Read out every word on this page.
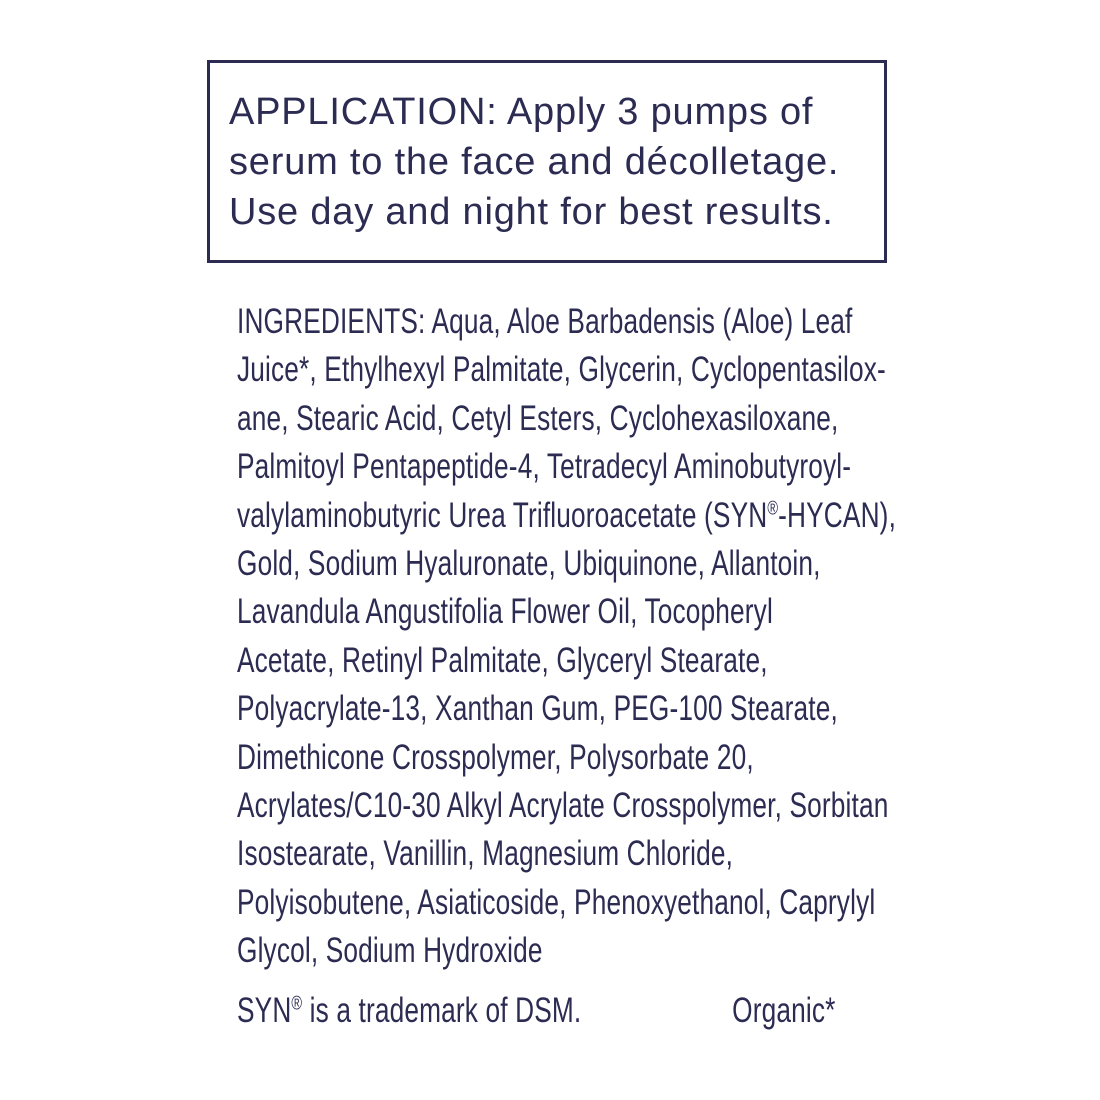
APPLICATION: Apply 3 pumps of
serum to the face and décolletage.
Use day and night for best results.
INGREDIENTS: Aqua, Aloe Barbadensis (Aloe) Leaf
Juice*, Ethylhexyl Palmitate, Glycerin, Cyclopentasilox-
ane, Stearic Acid, Cetyl Esters, Cyclohexasiloxane,
Palmitoyl Pentapeptide-4, Tetradecyl Aminobutyroyl-
valylaminobutyric Urea Trifluoroacetate (SYN®-HYCAN),
Gold, Sodium Hyaluronate, Ubiquinone, Allantoin,
Lavandula Angustifolia Flower Oil, Tocopheryl
Acetate, Retinyl Palmitate, Glyceryl Stearate,
Polyacrylate-13, Xanthan Gum, PEG-100 Stearate,
Dimethicone Crosspolymer, Polysorbate 20,
Acrylates/C10-30 Alkyl Acrylate Crosspolymer, Sorbitan
Isostearate, Vanillin, Magnesium Chloride,
Polyisobutene, Asiaticoside, Phenoxyethanol, Caprylyl
Glycol, Sodium Hydroxide
SYN® is a trademark of DSM.	Organic*
